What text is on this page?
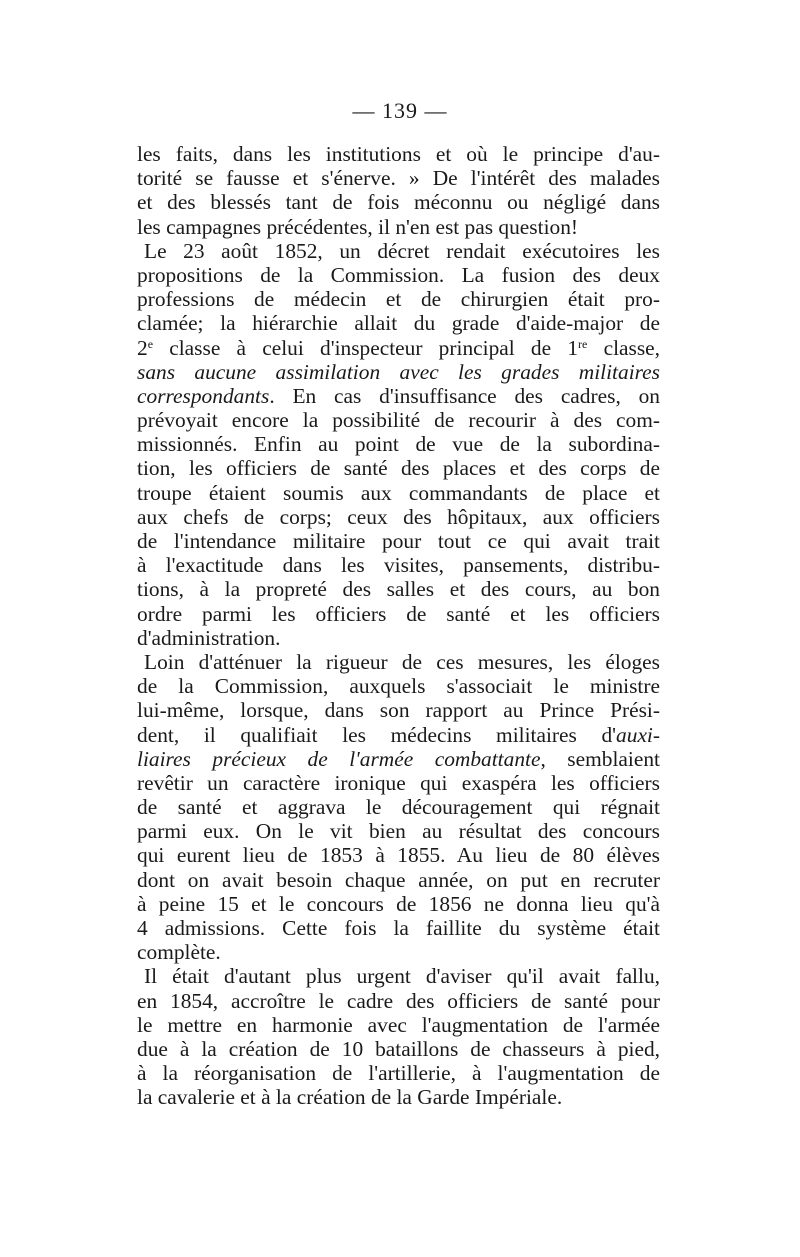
— 139 —
les faits, dans les institutions et où le principe d'au-
torité se fausse et s'énerve. » De l'intérêt des malades
et des blessés tant de fois méconnu ou négligé dans
les campagnes précédentes, il n'en est pas question!
Le 23 août 1852, un décret rendait exécutoires les
propositions de la Commission. La fusion des deux
professions de médecin et de chirurgien était pro-
clamée; la hiérarchie allait du grade d'aide-major de
2e classe à celui d'inspecteur principal de 1re classe,
sans aucune assimilation avec les grades militaires
correspondants. En cas d'insuffisance des cadres, on
prévoyait encore la possibilité de recourir à des com-
missionnés. Enfin au point de vue de la subordina-
tion, les officiers de santé des places et des corps de
troupe étaient soumis aux commandants de place et
aux chefs de corps; ceux des hôpitaux, aux officiers
de l'intendance militaire pour tout ce qui avait trait
à l'exactitude dans les visites, pansements, distribu-
tions, à la propreté des salles et des cours, au bon
ordre parmi les officiers de santé et les officiers
d'administration.
Loin d'atténuer la rigueur de ces mesures, les éloges
de la Commission, auxquels s'associait le ministre
lui-même, lorsque, dans son rapport au Prince Prési-
dent, il qualifiait les médecins militaires d'auxi-
liaires précieux de l'armée combattante, semblaient
revêtir un caractère ironique qui exaspéra les officiers
de santé et aggrava le découragement qui régnait
parmi eux. On le vit bien au résultat des concours
qui eurent lieu de 1853 à 1855. Au lieu de 80 élèves
dont on avait besoin chaque année, on put en recruter
à peine 15 et le concours de 1856 ne donna lieu qu'à
4 admissions. Cette fois la faillite du système était
complète.
Il était d'autant plus urgent d'aviser qu'il avait fallu,
en 1854, accroître le cadre des officiers de santé pour
le mettre en harmonie avec l'augmentation de l'armée
due à la création de 10 bataillons de chasseurs à pied,
à la réorganisation de l'artillerie, à l'augmentation de
la cavalerie et à la création de la Garde Impériale.
